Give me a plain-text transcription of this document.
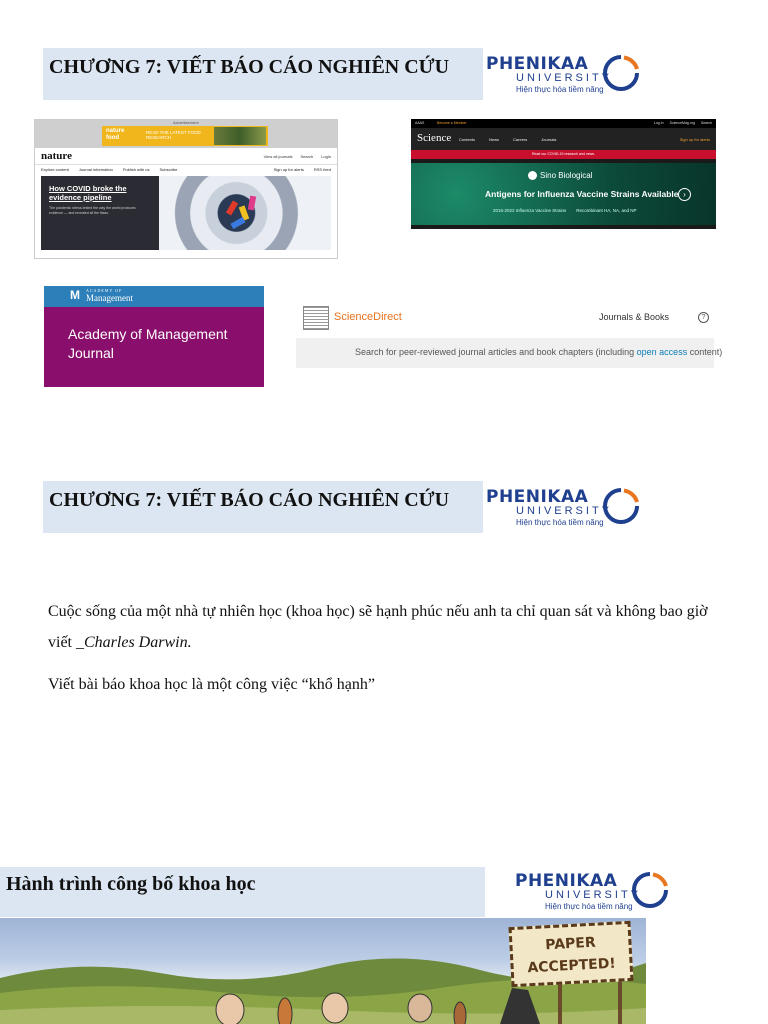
CHƯƠNG 7: VIẾT BÁO CÁO NGHIÊN CỨU PHENIKAA
UNIVERSITY
Hiện thực hóa tiềm năng
Advertisement
nature food
READ THE LATEST FOOD RESEARCH
nature	View all journals Search Login
Explore content	Journal information	Publish with us	Subscribe	Sign up for alerts	RSS feed
How COVID broke the evidence pipeline
The pandemic stress-tested the way the world produces evidence — and revealed all the flaws.
AAAS	Become a Member	Log In ScienceMag.org Search
Science Contents	News	Careers	Journals	Sign up for alerts
Read our COVID-19 research and news.
Sino Biological
Antigens for Influenza Vaccine Strains Available ›
2015-2022 Influenza Vaccine Strains Recombinant HA, NA, and NP
M ACADEMY OF
Management
Academy of Management
Journal
ScienceDirect	Journals & Books	?
Search for peer-reviewed journal articles and book chapters (including open access content)
CHƯƠNG 7: VIẾT BÁO CÁO NGHIÊN CỨU PHENIKAA
UNIVERSITY
Hiện thực hóa tiềm năng
Cuộc sống của một nhà tự nhiên học (khoa học) sẽ hạnh phúc nếu anh ta chỉ quan sát và không bao giờ viết _Charles Darwin.
Viết bài báo khoa học là một công việc “khổ hạnh”
Hành trình công bố khoa học	PHENIKAA
UNIVERSITY
Hiện thực hóa tiềm năng
PAPER ACCEPTED!
